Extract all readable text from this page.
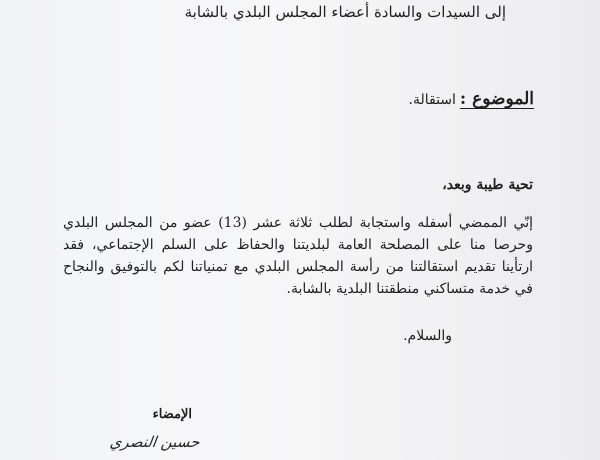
إلى السيدات والسادة أعضاء المجلس البلدي بالشابة
الموضوع :
استقالة.
تحية طيبة وبعد،
إنّي الممضي أسفله واستجابة لطلب ثلاثة عشر (13) عضو من المجلس البلدي وحرصا منا على المصلحة العامة لبلديتنا والحفاظ على السلم الإجتماعي، فقد ارتأينا تقديم استقالتنا من رأسة المجلس البلدي مع تمنياتنا لكم بالتوفيق والنجاح في خدمة متساكني منطقتنا البلدية بالشابة.
والسلام.
الإمضاء
حسين النصري
